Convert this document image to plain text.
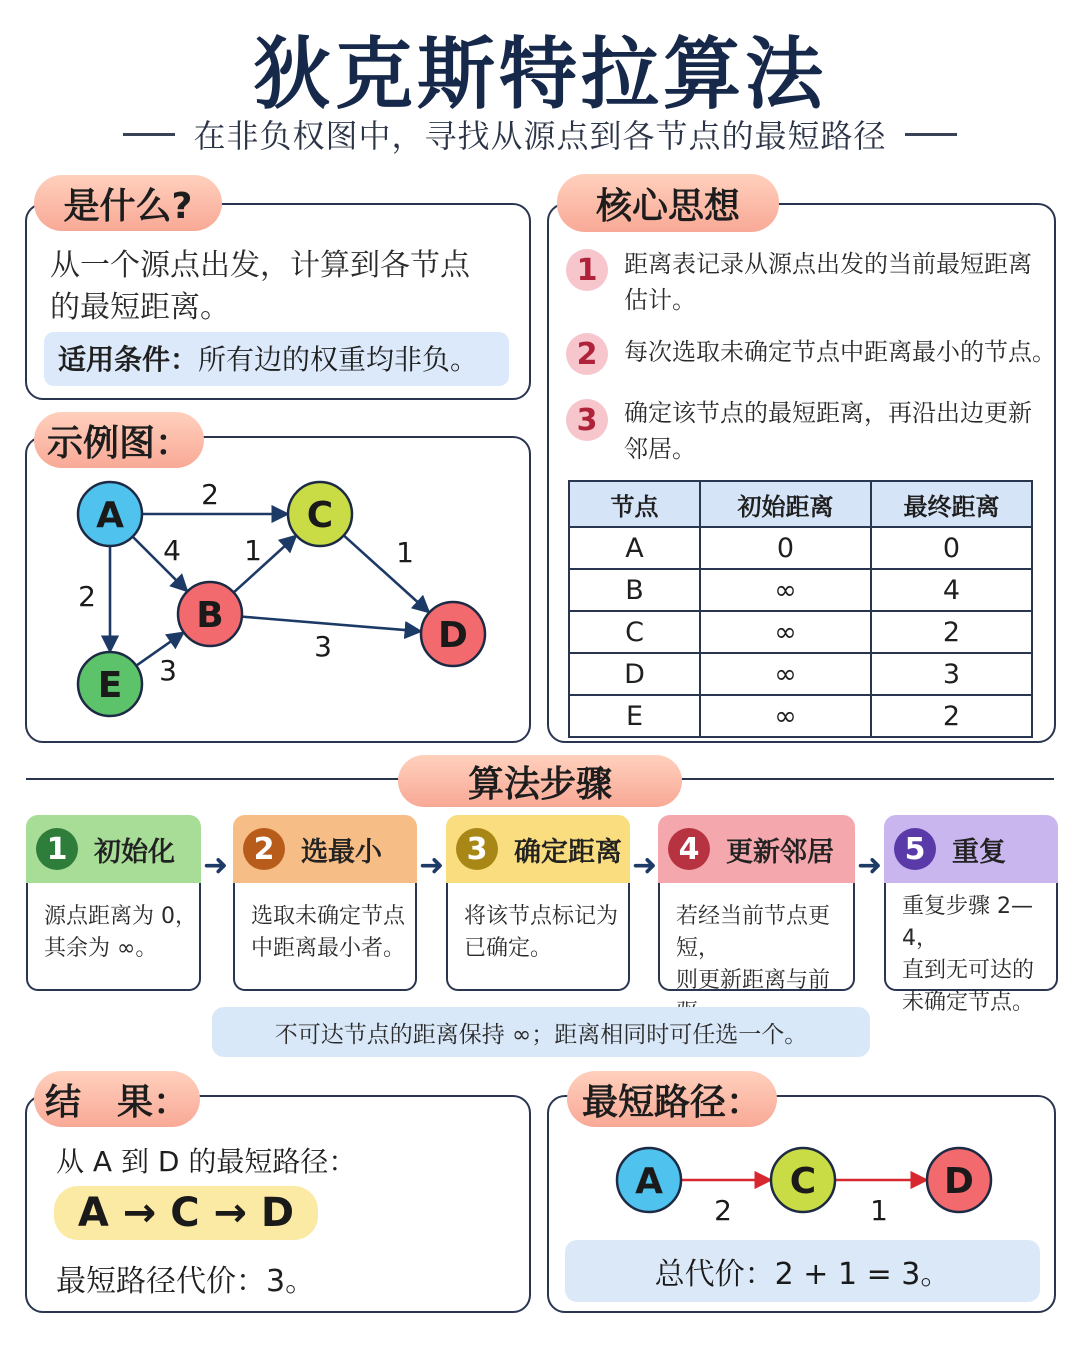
狄克斯特拉算法
在非负权图中，寻找从源点到各节点的最短路径
是什么?
从一个源点出发，计算到各节点
的最短距离。
适用条件：所有边的权重均非负。
示例图：
2
4
2
1	1
3
3
A
B
C
D
E
核心思想
1	距离表记录从源点出发的当前最短距离
估计。
2	每次选取未确定节点中距离最小的节点。
3	确定该节点的最短距离，再沿出边更新
邻居。
节点	初始距离	最终距离
A	0	0
B	∞	4
C	∞	2
D	∞	3
E	∞	2
算法步骤
1 初始化
源点距离为 0，
其余为 ∞。
➜ 2 选最小
选取未确定节点
中距离最小者。
➜ 3 确定距离
将该节点标记为
已确定。
➜ 4 更新邻居
若经当前节点更短，
则更新距离与前
➜ 5 重复
重复步骤 2—4，
直到无可达的
未确定节点。
不可达节点的距离保持 ∞；距离相同时可任选一个。
结　果：
从 A 到 D 的最短路径：
A → C → D
最短路径代价：3。
最短路径：
2	1
A	C	D
总代价：2 + 1 = 3。
